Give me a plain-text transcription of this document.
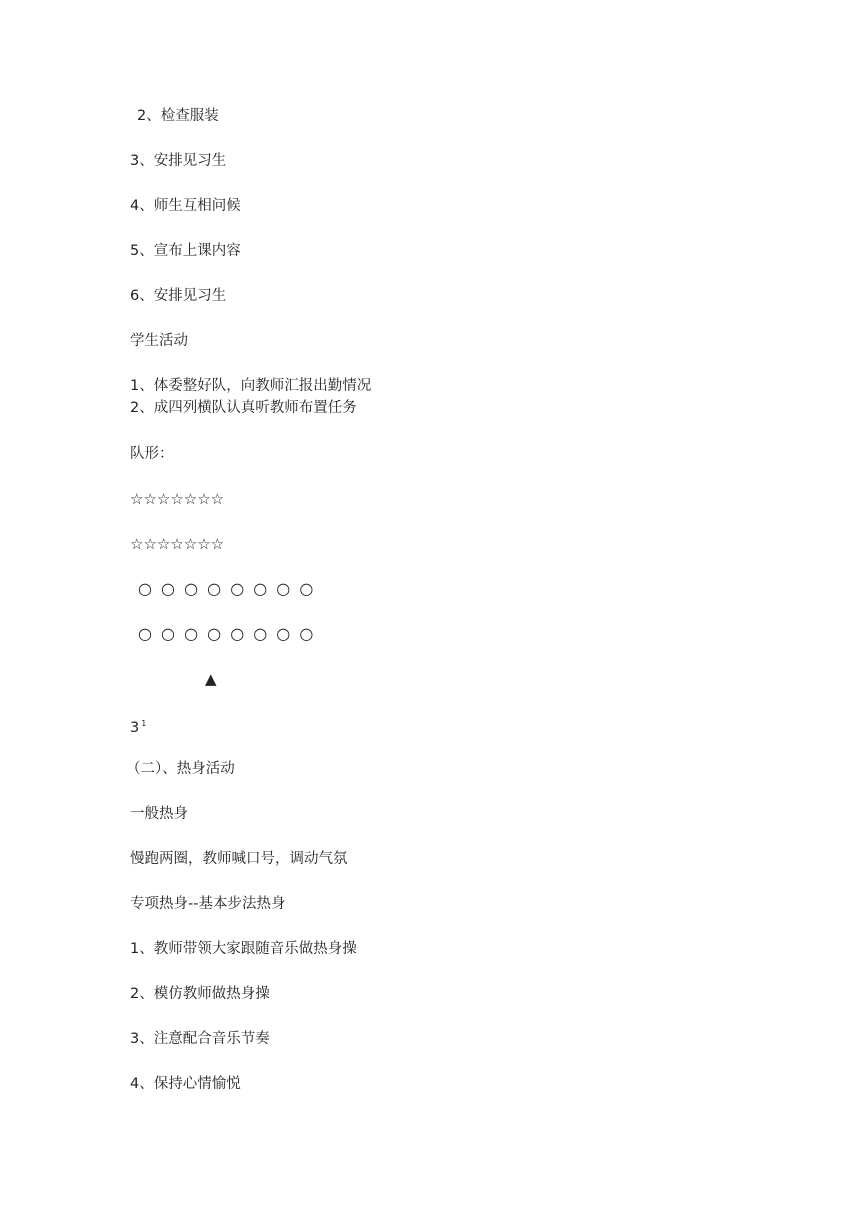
2、检查服装

3、安排见习生

4、师生互相问候

5、宣布上课内容

6、安排见习生

学生活动

1、体委整好队，向教师汇报出勤情况

2、成四列横队认真听教师布置任务

队形：

☆☆☆☆☆☆☆

☆☆☆☆☆☆☆

○ ○ ○ ○ ○ ○ ○ ○
○ ○ ○ ○ ○ ○ ○ ○
▲

3 $^1$

（二）、热身活动

一般热身

慢跑两圈，教师喊口号，调动气氛

专项热身--基本步法热身

1、教师带领大家跟随音乐做热身操

2、模仿教师做热身操

3、注意配合音乐节奏

4、保持心情愉悦
